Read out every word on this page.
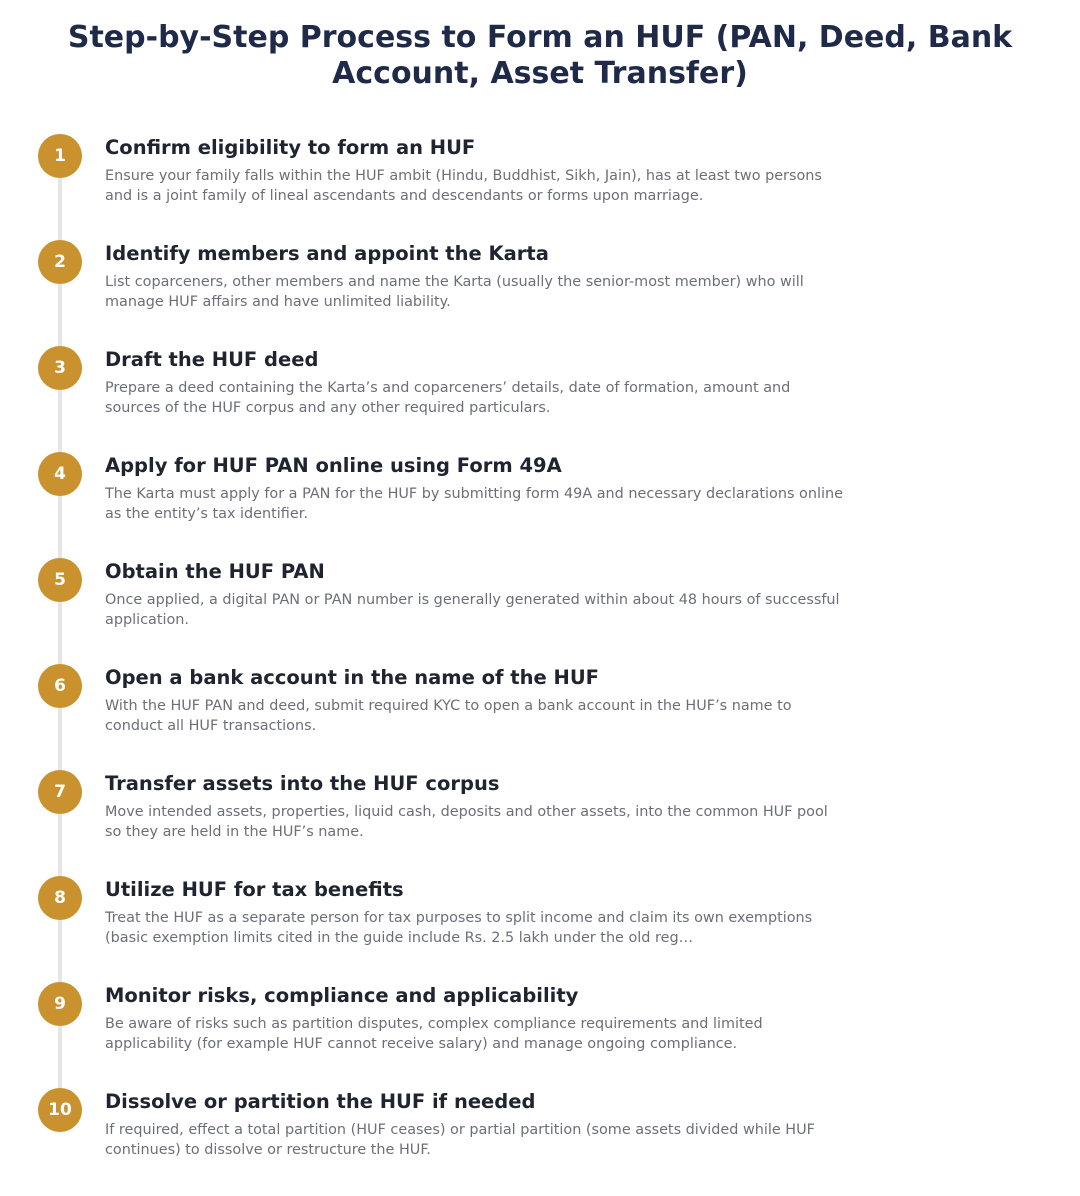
Step-by-Step Process to Form an HUF (PAN, Deed, Bank Account, Asset Transfer)
1	Confirm eligibility to form an HUF
Ensure your family falls within the HUF ambit (Hindu, Buddhist, Sikh, Jain), has at least two persons and is a joint family of lineal ascendants and descendants or forms upon marriage.
2	Identify members and appoint the Karta
List coparceners, other members and name the Karta (usually the senior-most member) who will manage HUF affairs and have unlimited liability.
3	Draft the HUF deed
Prepare a deed containing the Karta’s and coparceners’ details, date of formation, amount and sources of the HUF corpus and any other required particulars.
4	Apply for HUF PAN online using Form 49A
The Karta must apply for a PAN for the HUF by submitting form 49A and necessary declarations online as the entity’s tax identifier.
5	Obtain the HUF PAN
Once applied, a digital PAN or PAN number is generally generated within about 48 hours of successful application.
6	Open a bank account in the name of the HUF
With the HUF PAN and deed, submit required KYC to open a bank account in the HUF’s name to conduct all HUF transactions.
7	Transfer assets into the HUF corpus
Move intended assets, properties, liquid cash, deposits and other assets, into the common HUF pool so they are held in the HUF’s name.
8	Utilize HUF for tax benefits
Treat the HUF as a separate person for tax purposes to split income and claim its own exemptions (basic exemption limits cited in the guide include Rs. 2.5 lakh under the old reg…
9	Monitor risks, compliance and applicability
Be aware of risks such as partition disputes, complex compliance requirements and limited applicability (for example HUF cannot receive salary) and manage ongoing compliance.
10	Dissolve or partition the HUF if needed
If required, effect a total partition (HUF ceases) or partial partition (some assets divided while HUF continues) to dissolve or restructure the HUF.
